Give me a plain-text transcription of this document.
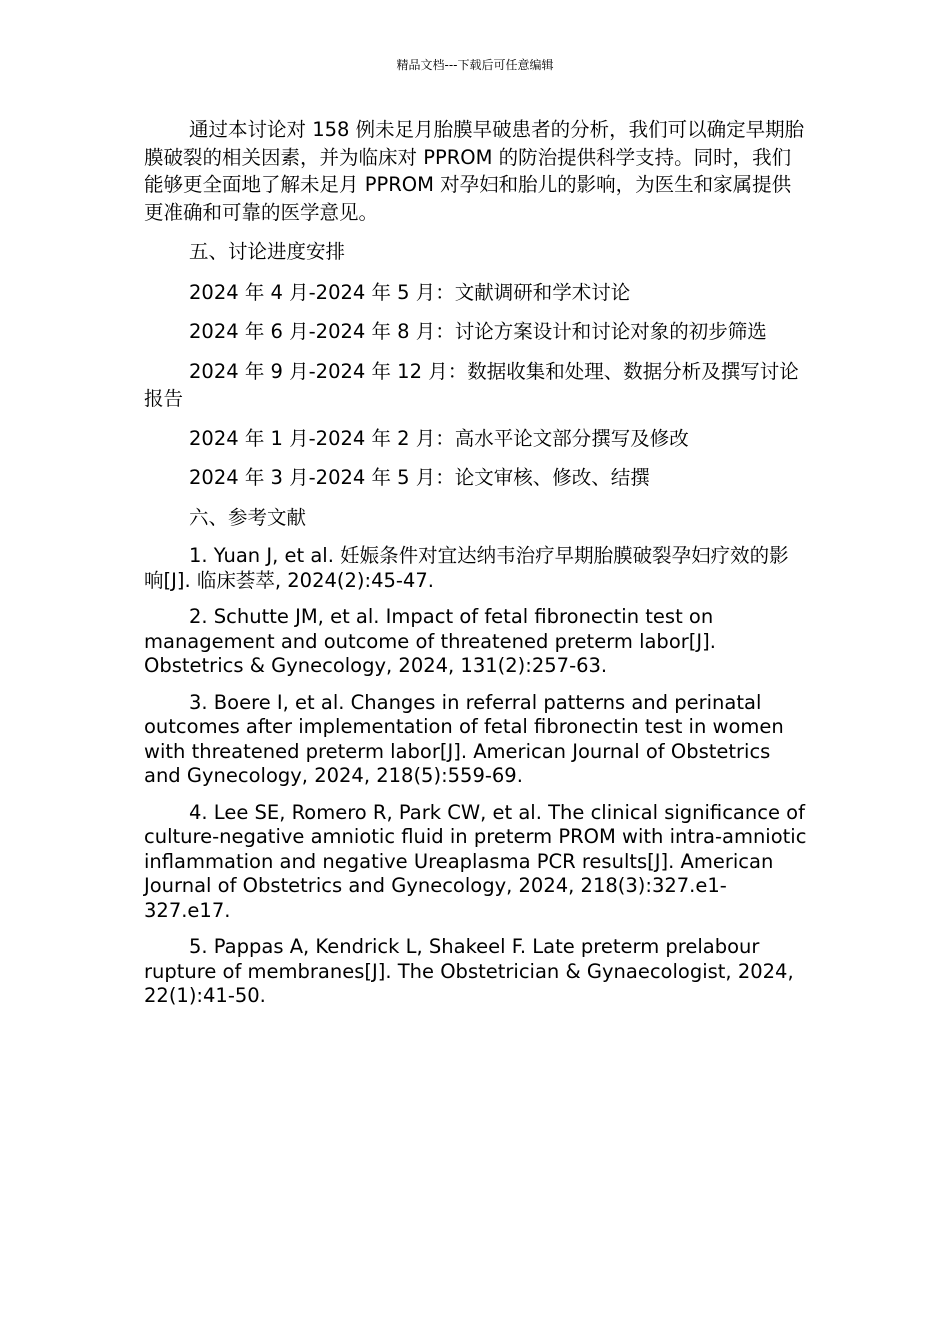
精品文档---下载后可任意编辑

通过本讨论对 158 例未足月胎膜早破患者的分析，我们可以确定早期胎膜破裂的相关因素，并为临床对 PPROM 的防治提供科学支持。同时，我们能够更全面地了解未足月 PPROM 对孕妇和胎儿的影响，为医生和家属提供更准确和可靠的医学意见。

五、讨论进度安排

2024 年 4 月-2024 年 5 月：文献调研和学术讨论

2024 年 6 月-2024 年 8 月：讨论方案设计和讨论对象的初步筛选

2024 年 9 月-2024 年 12 月：数据收集和处理、数据分析及撰写讨论报告

2024 年 1 月-2024 年 2 月：高水平论文部分撰写及修改

2024 年 3 月-2024 年 5 月：论文审核、修改、结撰

六、参考文献

1. Yuan J, et al. 妊娠条件对宜达纳韦治疗早期胎膜破裂孕妇疗效的影响[J]. 临床荟萃, 2024(2):45-47.

2. Schutte JM, et al. Impact of fetal fibronectin test on management and outcome of threatened preterm labor[J]. Obstetrics & Gynecology, 2024, 131(2):257-63.

3. Boere I, et al. Changes in referral patterns and perinatal outcomes after implementation of fetal fibronectin test in women with threatened preterm labor[J]. American Journal of Obstetrics and Gynecology, 2024, 218(5):559-69.

4. Lee SE, Romero R, Park CW, et al. The clinical significance of culture-negative amniotic fluid in preterm PROM with intra-amniotic inflammation and negative Ureaplasma PCR results[J]. American Journal of Obstetrics and Gynecology, 2024, 218(3):327.e1-327.e17.

5. Pappas A, Kendrick L, Shakeel F. Late preterm prelabour rupture of membranes[J]. The Obstetrician & Gynaecologist, 2024, 22(1):41-50.
